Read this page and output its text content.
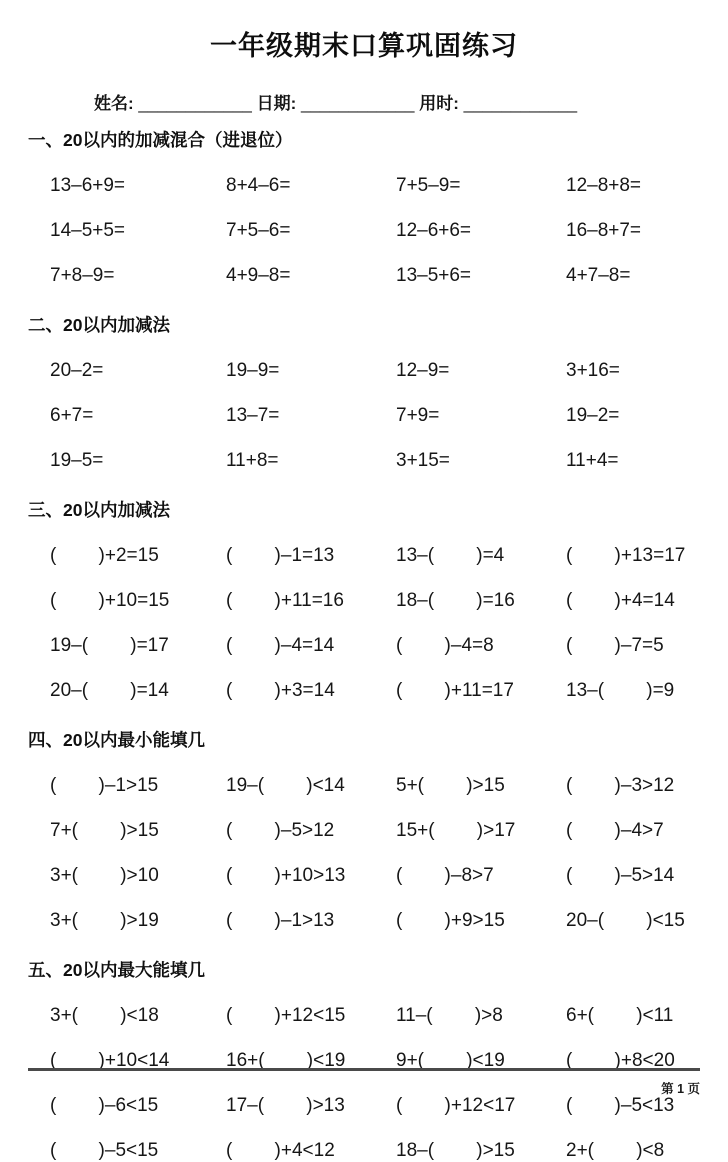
一年级期末口算巩固练习
姓名: ____________ 日期: ____________ 用时: ____________
一、20以内的加减混合（进退位）
13–6+9=	8+4–6=	7+5–9=	12–8+8=
14–5+5=	7+5–6=	12–6+6=	16–8+7=
7+8–9=	4+9–8=	13–5+6=	4+7–8=
二、20以内加减法
20–2=	19–9=	12–9=	3+16=
6+7=	13–7=	7+9=	19–2=
19–5=	11+8=	3+15=	11+4=
三、20以内加减法
(        )+2=15	(        )–1=13	13–(        )=4	(        )+13=17
(        )+10=15	(        )+11=16	18–(        )=16	(        )+4=14
19–(        )=17	(        )–4=14	(        )–4=8	(        )–7=5
20–(        )=14	(        )+3=14	(        )+11=17	13–(        )=9
四、20以内最小能填几
(        )–1>15	19–(        )<14	5+(        )>15	(        )–3>12
7+(        )>15	(        )–5>12	15+(        )>17	(        )–4>7
3+(        )>10	(        )+10>13	(        )–8>7	(        )–5>14
3+(        )>19	(        )–1>13	(        )+9>15	20–(        )<15
五、20以内最大能填几
3+(        )<18	(        )+12<15	11–(        )>8	6+(        )<11
(        )+10<14	16+(        )<19	9+(        )<19	(        )+8<20
(        )–6<15	17–(        )>13	(        )+12<17	(        )–5<13
(        )–5<15	(        )+4<12	18–(        )>15	2+(        )<8
第 1 页
